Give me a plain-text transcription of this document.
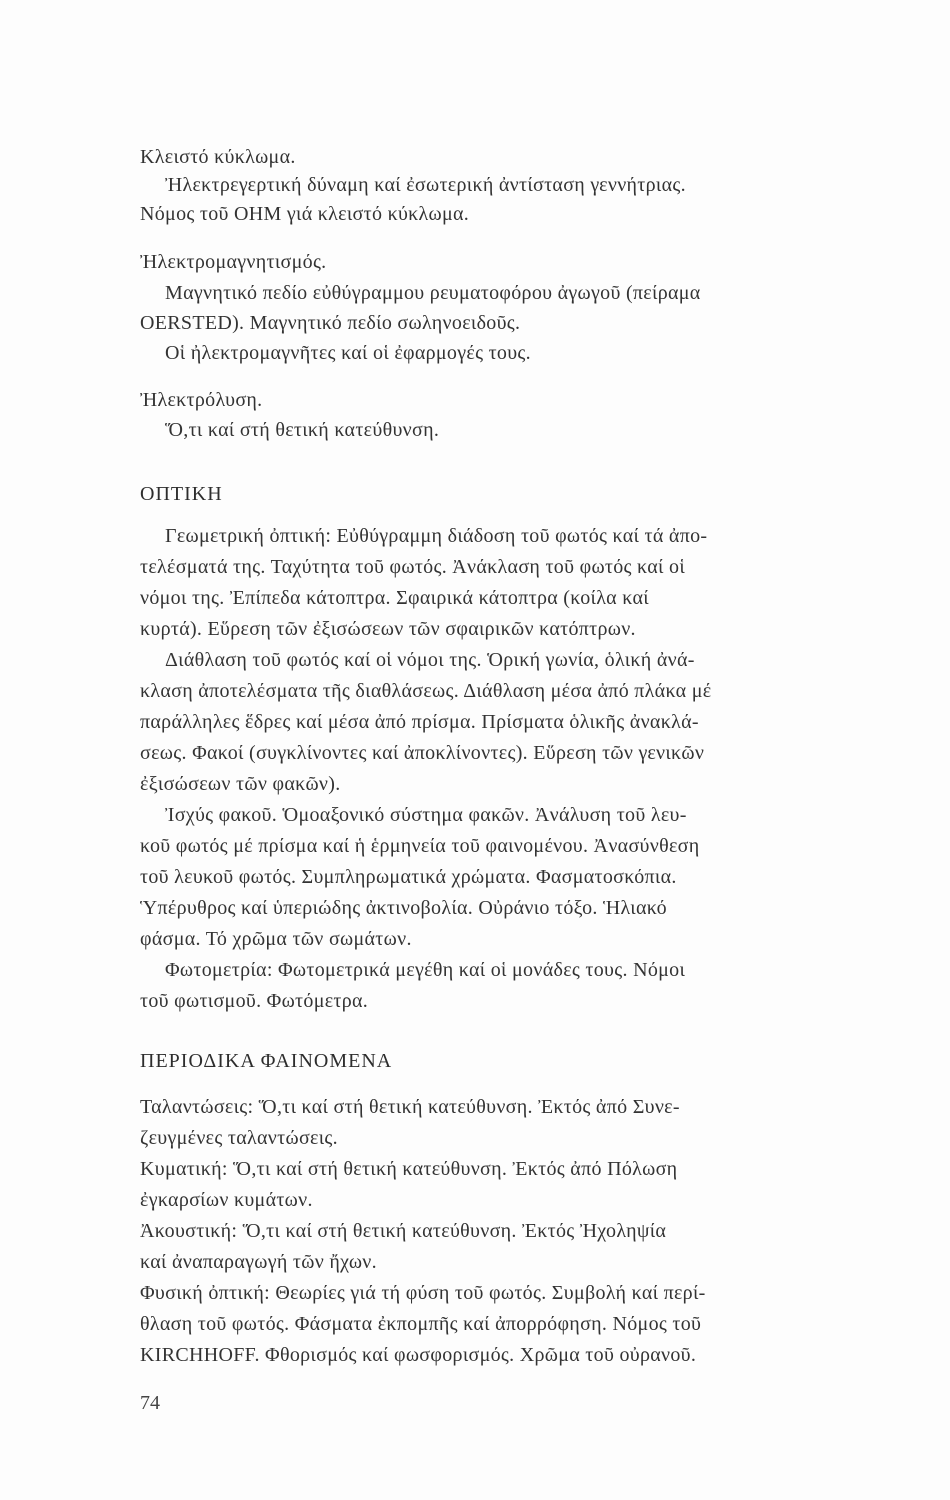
Κλειστό κύκλωμα.
Ἠλεκτρεγερτική δύναμη καί ἐσωτερική ἀντίσταση γεννήτριας.
Νόμος τοῦ OHM γιά κλειστό κύκλωμα.
Ἠλεκτρομαγνητισμός.
Μαγνητικό πεδίο εὐθύγραμμου ρευματοφόρου ἀγωγοῦ (πείραμα
OERSTED). Μαγνητικό πεδίο σωληνοειδοῦς.
Οἱ ἠλεκτρομαγνῆτες καί οἱ ἐφαρμογές τους.
Ἠλεκτρόλυση.
Ὅ,τι καί στή θετική κατεύθυνση.
ΟΠΤΙΚΗ
Γεωμετρική ὀπτική: Εὐθύγραμμη διάδοση τοῦ φωτός καί τά ἀπο-
τελέσματά της. Ταχύτητα τοῦ φωτός. Ἀνάκλαση τοῦ φωτός καί οἱ
νόμοι της. Ἐπίπεδα κάτοπτρα. Σφαιρικά κάτοπτρα (κοίλα καί
κυρτά). Εὕρεση τῶν ἐξισώσεων τῶν σφαιρικῶν κατόπτρων.
Διάθλαση τοῦ φωτός καί οἱ νόμοι της. Ὁρική γωνία, ὁλική ἀνά-
κλαση ἀποτελέσματα τῆς διαθλάσεως. Διάθλαση μέσα ἀπό πλάκα μέ
παράλληλες ἕδρες καί μέσα ἀπό πρίσμα. Πρίσματα ὁλικῆς ἀνακλά-
σεως. Φακοί (συγκλίνοντες καί ἀποκλίνοντες). Εὕρεση τῶν γενικῶν
ἐξισώσεων τῶν φακῶν).
Ἰσχύς φακοῦ. Ὁμοαξονικό σύστημα φακῶν. Ἀνάλυση τοῦ λευ-
κοῦ φωτός μέ πρίσμα καί ἡ ἑρμηνεία τοῦ φαινομένου. Ἀνασύνθεση
τοῦ λευκοῦ φωτός. Συμπληρωματικά χρώματα. Φασματοσκόπια.
Ὑπέρυθρος καί ὑπεριώδης ἀκτινοβολία. Οὐράνιο τόξο. Ἡλιακό
φάσμα. Τό χρῶμα τῶν σωμάτων.
Φωτομετρία: Φωτομετρικά μεγέθη καί οἱ μονάδες τους. Νόμοι
τοῦ φωτισμοῦ. Φωτόμετρα.
ΠΕΡΙΟΔΙΚΑ ΦΑΙΝΟΜΕΝΑ
Ταλαντώσεις: Ὅ,τι καί στή θετική κατεύθυνση. Ἐκτός ἀπό Συνε-
ζευγμένες ταλαντώσεις.
Κυματική: Ὅ,τι καί στή θετική κατεύθυνση. Ἐκτός ἀπό Πόλωση
ἐγκαρσίων κυμάτων.
Ἀκουστική: Ὅ,τι καί στή θετική κατεύθυνση. Ἐκτός Ἠχοληψία
καί ἀναπαραγωγή τῶν ἤχων.
Φυσική ὀπτική: Θεωρίες γιά τή φύση τοῦ φωτός. Συμβολή καί περί-
θλαση τοῦ φωτός. Φάσματα ἐκπομπῆς καί ἀπορρόφηση. Νόμος τοῦ
KIRCHHOFF. Φθορισμός καί φωσφορισμός. Χρῶμα τοῦ οὐρανοῦ.
74
